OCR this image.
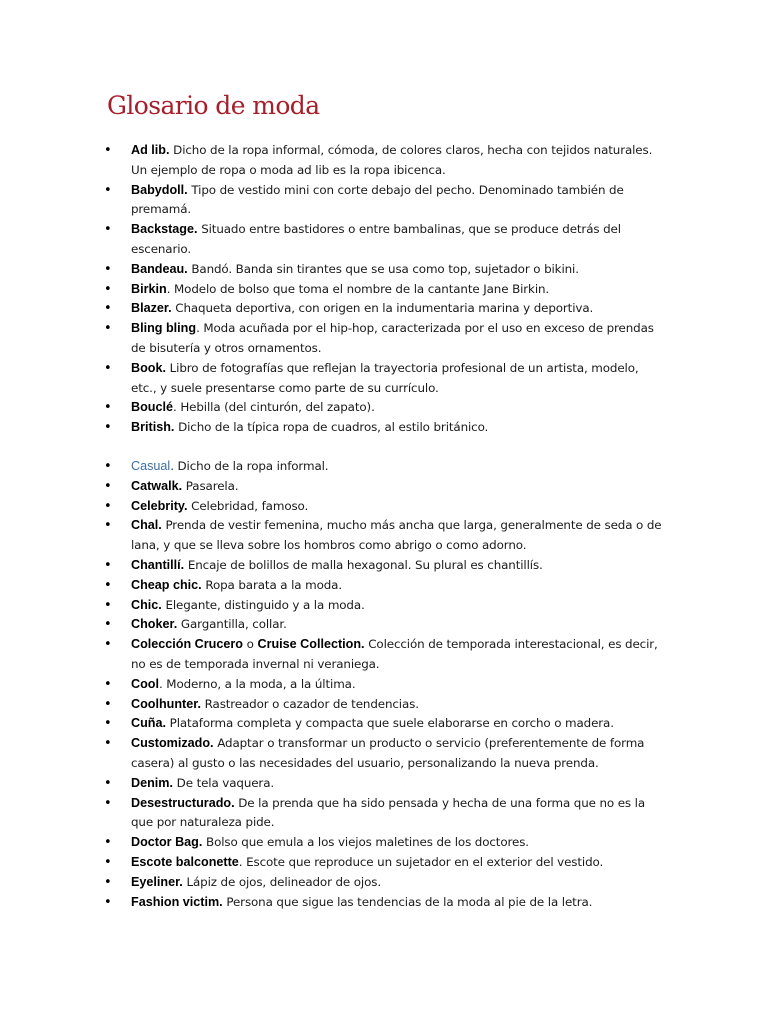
Glosario de moda
• Ad lib. Dicho de la ropa informal, cómoda, de colores claros, hecha con tejidos naturales. Un ejemplo de ropa o moda ad lib es la ropa ibicenca.
• Babydoll. Tipo de vestido mini con corte debajo del pecho. Denominado también de premamá.
• Backstage. Situado entre bastidores o entre bambalinas, que se produce detrás del escenario.
• Bandeau. Bandó. Banda sin tirantes que se usa como top, sujetador o bikini.
• Birkin. Modelo de bolso que toma el nombre de la cantante Jane Birkin.
• Blazer. Chaqueta deportiva, con origen en la indumentaria marina y deportiva.
• Bling bling. Moda acuñada por el hip-hop, caracterizada por el uso en exceso de prendas de bisutería y otros ornamentos.
• Book. Libro de fotografías que reflejan la trayectoria profesional de un artista, modelo, etc., y suele presentarse como parte de su currículo.
• Bouclé. Hebilla (del cinturón, del zapato).
• British. Dicho de la típica ropa de cuadros, al estilo británico.
• Casual. Dicho de la ropa informal.
• Catwalk. Pasarela.
• Celebrity. Celebridad, famoso.
• Chal. Prenda de vestir femenina, mucho más ancha que larga, generalmente de seda o de lana, y que se lleva sobre los hombros como abrigo o como adorno.
• Chantillí. Encaje de bolillos de malla hexagonal. Su plural es chantillís.
• Cheap chic. Ropa barata a la moda.
• Chic. Elegante, distinguido y a la moda.
• Choker. Gargantilla, collar.
• Colección Crucero o Cruise Collection. Colección de temporada interestacional, es decir, no es de temporada invernal ni veraniega.
• Cool. Moderno, a la moda, a la última.
• Coolhunter. Rastreador o cazador de tendencias.
• Cuña. Plataforma completa y compacta que suele elaborarse en corcho o madera.
• Customizado. Adaptar o transformar un producto o servicio (preferentemente de forma casera) al gusto o las necesidades del usuario, personalizando la nueva prenda.
• Denim. De tela vaquera.
• Desestructurado. De la prenda que ha sido pensada y hecha de una forma que no es la que por naturaleza pide.
• Doctor Bag. Bolso que emula a los viejos maletines de los doctores.
• Escote balconette. Escote que reproduce un sujetador en el exterior del vestido.
• Eyeliner. Lápiz de ojos, delineador de ojos.
• Fashion victim. Persona que sigue las tendencias de la moda al pie de la letra.
